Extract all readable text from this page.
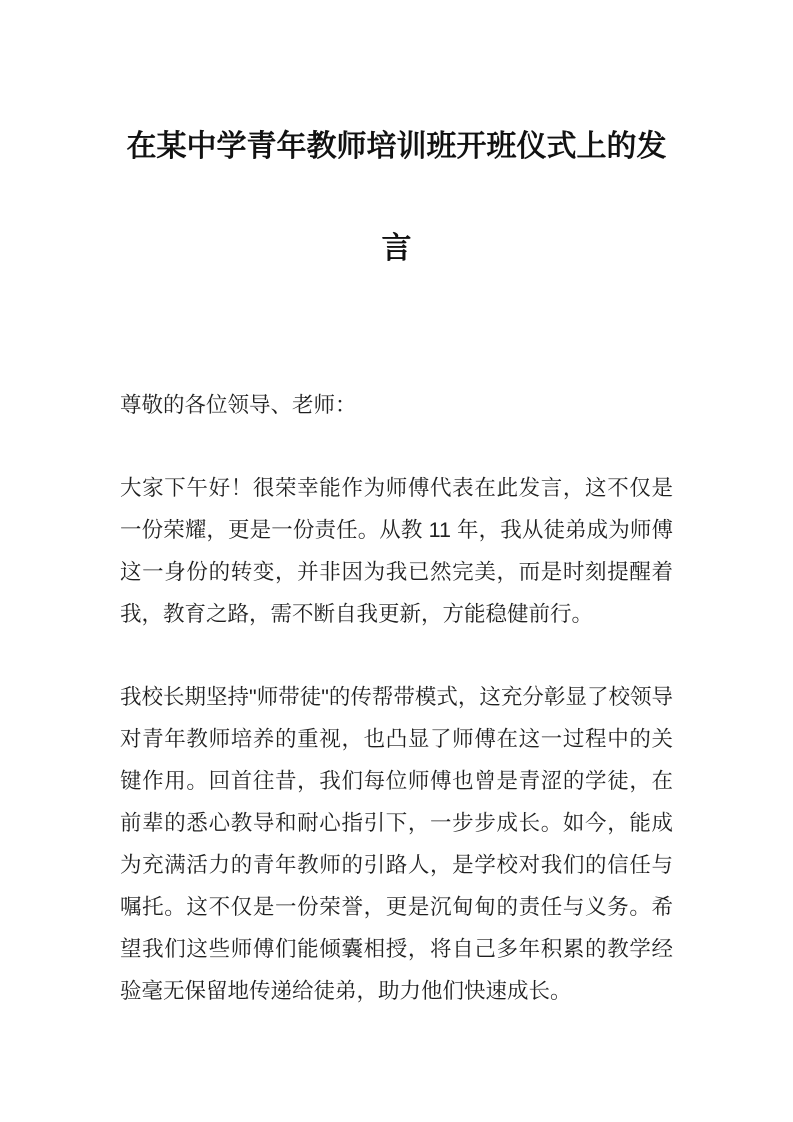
在某中学青年教师培训班开班仪式上的发言

尊敬的各位领导、老师：

大家下午好！很荣幸能作为师傅代表在此发言，这不仅是一份荣耀，更是一份责任。从教 11 年，我从徒弟成为师傅这一身份的转变，并非因为我已然完美，而是时刻提醒着我，教育之路，需不断自我更新，方能稳健前行。

我校长期坚持"师带徒"的传帮带模式，这充分彰显了校领导对青年教师培养的重视，也凸显了师傅在这一过程中的关键作用。回首往昔，我们每位师傅也曾是青涩的学徒，在前辈的悉心教导和耐心指引下，一步步成长。如今，能成为充满活力的青年教师的引路人，是学校对我们的信任与嘱托。这不仅是一份荣誉，更是沉甸甸的责任与义务。希望我们这些师傅们能倾囊相授，将自己多年积累的教学经验毫无保留地传递给徒弟，助力他们快速成长。
